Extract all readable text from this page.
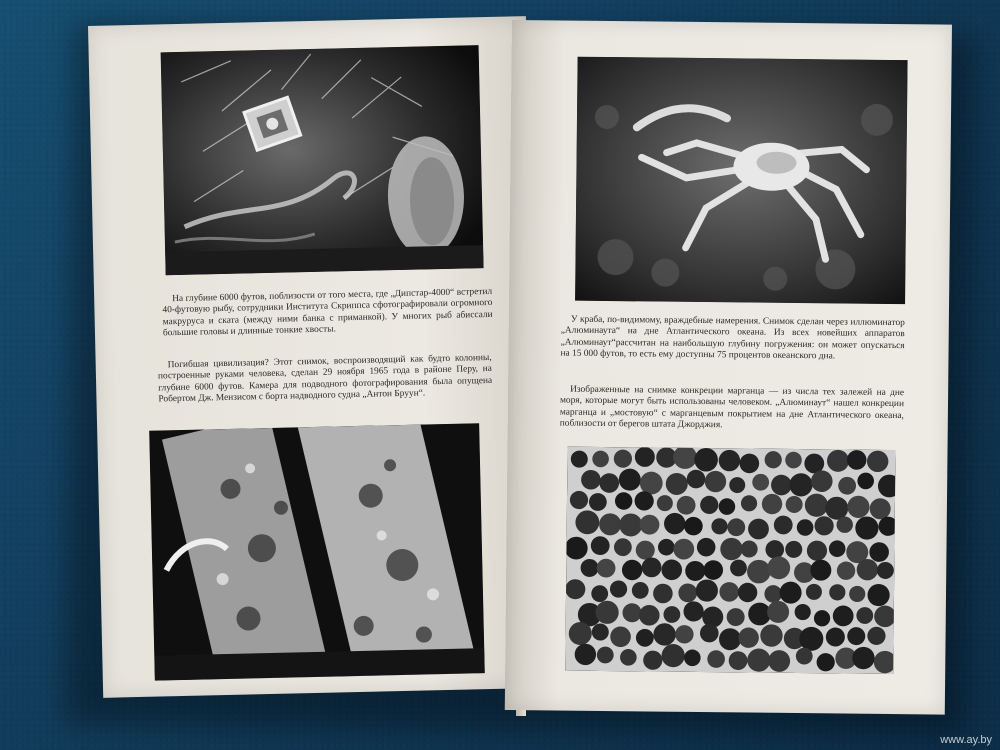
На глубине 6000 футов, поблизости от того места, где „Дипстар-4000“ встретил 40-футовую рыбу, сотрудники Института Скриппса сфотографировали огромного макруруса и ската (между ними банка с приманкой). У многих рыб абиссали большие головы и длинные тонкие хвосты.

Погибшая цивилизация? Этот снимок, воспроизводящий как будто колонны, построенные руками человека, сделан 29 ноября 1965 года в районе Перу, на глубине 6000 футов. Камера для подводного фотографирования была опущена Робертом Дж. Мензисом с борта надводного судна „Антон Бруун“.

У краба, по-видимому, враждебные намерения. Снимок сделан через иллюминатор „Алюминаута“ на дне Атлантического океана. Из всех новейших аппаратов „Алюминаут“рассчитан на наибольшую глубину погружения: он может опускаться на 15 000 футов, то есть ему доступны 75 процентов океанского дна.

Изображенные на снимке конкреции марганца — из числа тех залежей на дне моря, которые могут быть использованы человеком. „Алюминаут“ нашел конкреции марганца и „мостовую“ с марганцевым покрытием на дне Атлантического океана, поблизости от берегов штата Джорджия.

www.ay.by
